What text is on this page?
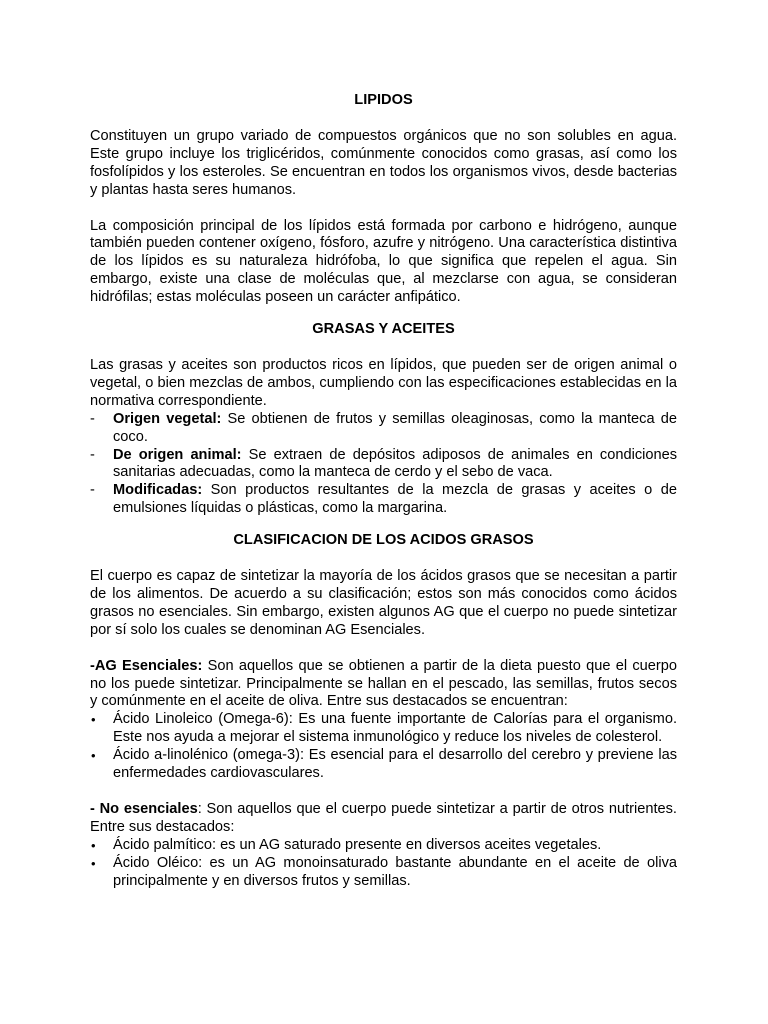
LIPIDOS

Constituyen un grupo variado de compuestos orgánicos que no son solubles en agua. Este grupo incluye los triglicéridos, comúnmente conocidos como grasas, así como los fosfolípidos y los esteroles. Se encuentran en todos los organismos vivos, desde bacterias y plantas hasta seres humanos.

La composición principal de los lípidos está formada por carbono e hidrógeno, aunque también pueden contener oxígeno, fósforo, azufre y nitrógeno. Una característica distintiva de los lípidos es su naturaleza hidrófoba, lo que significa que repelen el agua. Sin embargo, existe una clase de moléculas que, al mezclarse con agua, se consideran hidrófilas; estas moléculas poseen un carácter anfipático.

GRASAS Y ACEITES

Las grasas y aceites son productos ricos en lípidos, que pueden ser de origen animal o vegetal, o bien mezclas de ambos, cumpliendo con las especificaciones establecidas en la normativa correspondiente.

- Origen vegetal: Se obtienen de frutos y semillas oleaginosas, como la manteca de coco.
- De origen animal: Se extraen de depósitos adiposos de animales en condiciones sanitarias adecuadas, como la manteca de cerdo y el sebo de vaca.
- Modificadas: Son productos resultantes de la mezcla de grasas y aceites o de emulsiones líquidas o plásticas, como la margarina.
CLASIFICACION DE LOS ACIDOS GRASOS

El cuerpo es capaz de sintetizar la mayoría de los ácidos grasos que se necesitan a partir de los alimentos. De acuerdo a su clasificación; estos son más conocidos como ácidos grasos no esenciales. Sin embargo, existen algunos AG que el cuerpo no puede sintetizar por sí solo los cuales se denominan AG Esenciales.

-AG Esenciales: Son aquellos que se obtienen a partir de la dieta puesto que el cuerpo no los puede sintetizar. Principalmente se hallan en el pescado, las semillas, frutos secos y comúnmente en el aceite de oliva. Entre sus destacados se encuentran:

• Ácido Linoleico (Omega-6): Es una fuente importante de Calorías para el organismo. Este nos ayuda a mejorar el sistema inmunológico y reduce los niveles de colesterol.
• Ácido a-linolénico (omega-3): Es esencial para el desarrollo del cerebro y previene las enfermedades cardiovasculares.

- No esenciales: Son aquellos que el cuerpo puede sintetizar a partir de otros nutrientes. Entre sus destacados:

• Ácido palmítico: es un AG saturado presente en diversos aceites vegetales.
• Ácido Oléico: es un AG monoinsaturado bastante abundante en el aceite de oliva principalmente y en diversos frutos y semillas.
